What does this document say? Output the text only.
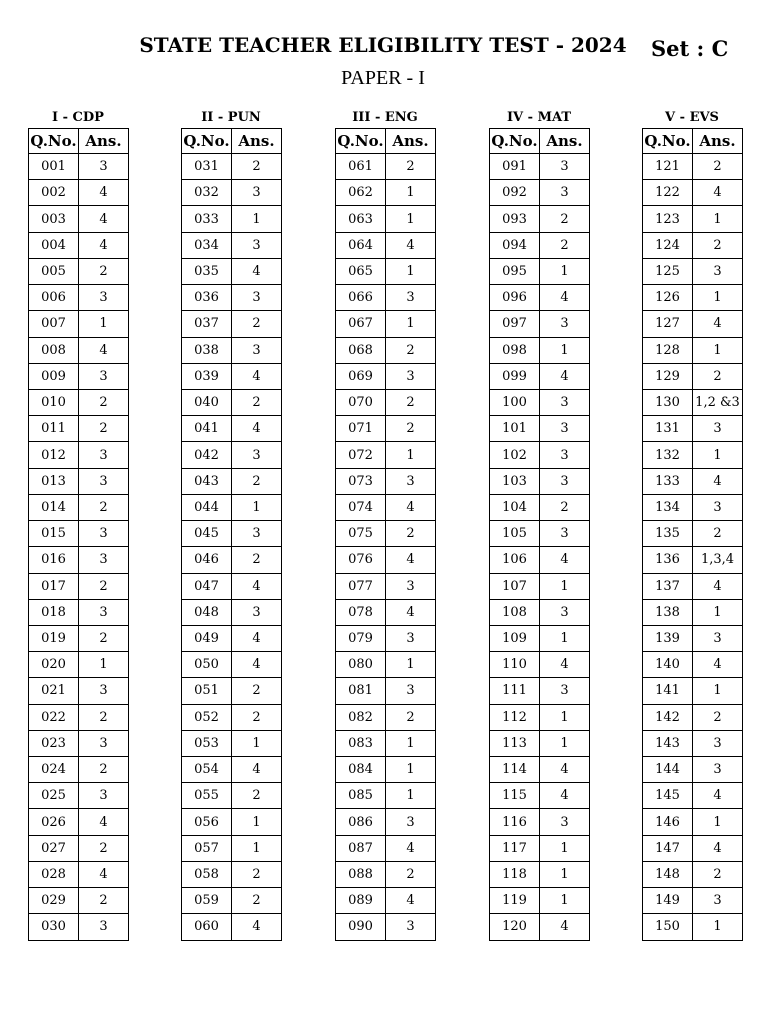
STATE TEACHER ELIGIBILITY TEST - 2024	Set : C
PAPER - I
I - CDP
Q.No.	Ans.
001	3
002	4
003	4
004	4
005	2
006	3
007	1
008	4
009	3
010	2
011	2
012	3
013	3
014	2
015	3
016	3
017	2
018	3
019	2
020	1
021	3
022	2
023	3
024	2
025	3
026	4
027	2
028	4
029	2
030	3
II - PUN
Q.No.	Ans.
031	2
032	3
033	1
034	3
035	4
036	3
037	2
038	3
039	4
040	2
041	4
042	3
043	2
044	1
045	3
046	2
047	4
048	3
049	4
050	4
051	2
052	2
053	1
054	4
055	2
056	1
057	1
058	2
059	2
060	4
III - ENG
Q.No.	Ans.
061	2
062	1
063	1
064	4
065	1
066	3
067	1
068	2
069	3
070	2
071	2
072	1
073	3
074	4
075	2
076	4
077	3
078	4
079	3
080	1
081	3
082	2
083	1
084	1
085	1
086	3
087	4
088	2
089	4
090	3
IV - MAT
Q.No.	Ans.
091	3
092	3
093	2
094	2
095	1
096	4
097	3
098	1
099	4
100	3
101	3
102	3
103	3
104	2
105	3
106	4
107	1
108	3
109	1
110	4
111	3
112	1
113	1
114	4
115	4
116	3
117	1
118	1
119	1
120	4
V - EVS
Q.No.	Ans.
121	2
122	4
123	1
124	2
125	3
126	1
127	4
128	1
129	2
130	1,2 &3
131	3
132	1
133	4
134	3
135	2
136	1,3,4
137	4
138	1
139	3
140	4
141	1
142	2
143	3
144	3
145	4
146	1
147	4
148	2
149	3
150	1
